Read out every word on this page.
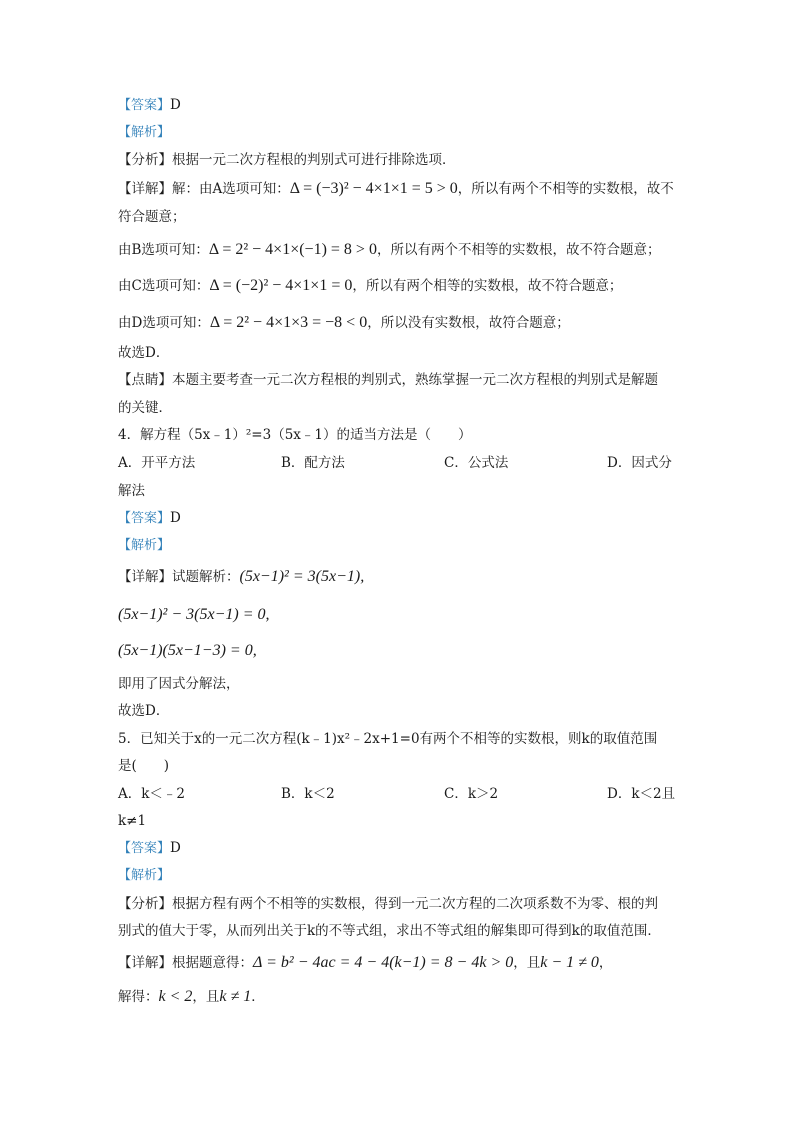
【答案】D
【解析】
【分析】根据一元二次方程根的判别式可进行排除选项．
【详解】解：由A选项可知：Δ = (−3)² − 4×1×1 = 5 > 0，所以有两个不相等的实数根，故不
符合题意；
由B选项可知：Δ = 2² − 4×1×(−1) = 8 > 0，所以有两个不相等的实数根，故不符合题意；
由C选项可知：Δ = (−2)² − 4×1×1 = 0，所以有两个相等的实数根，故不符合题意；
由D选项可知：Δ = 2² − 4×1×3 = −8 < 0，所以没有实数根，故符合题意；
故选D．
【点睛】本题主要考查一元二次方程根的判别式，熟练掌握一元二次方程根的判别式是解题
的关键．
4．解方程（5x﹣1）²=3（5x﹣1）的适当方法是（　　）
A．开平方法	B．配方法	C．公式法	D．因式分
解法
【答案】D
【解析】
【详解】试题解析：(5x−1)² = 3(5x−1),
(5x−1)² − 3(5x−1) = 0,
(5x−1)(5x−1−3) = 0,
即用了因式分解法，
故选D．
5．已知关于x的一元二次方程(k﹣1)x²﹣2x+1=0有两个不相等的实数根，则k的取值范围
是(　　)
A．k＜﹣2	B．k＜2	C．k＞2	D．k＜2且
k≠1
【答案】D
【解析】
【分析】根据方程有两个不相等的实数根，得到一元二次方程的二次项系数不为零、根的判
别式的值大于零，从而列出关于k的不等式组，求出不等式组的解集即可得到k的取值范围．
【详解】根据题意得：Δ = b² − 4ac = 4 − 4(k−1) = 8 − 4k > 0，且k − 1 ≠ 0，
解得：k < 2，且k ≠ 1．
